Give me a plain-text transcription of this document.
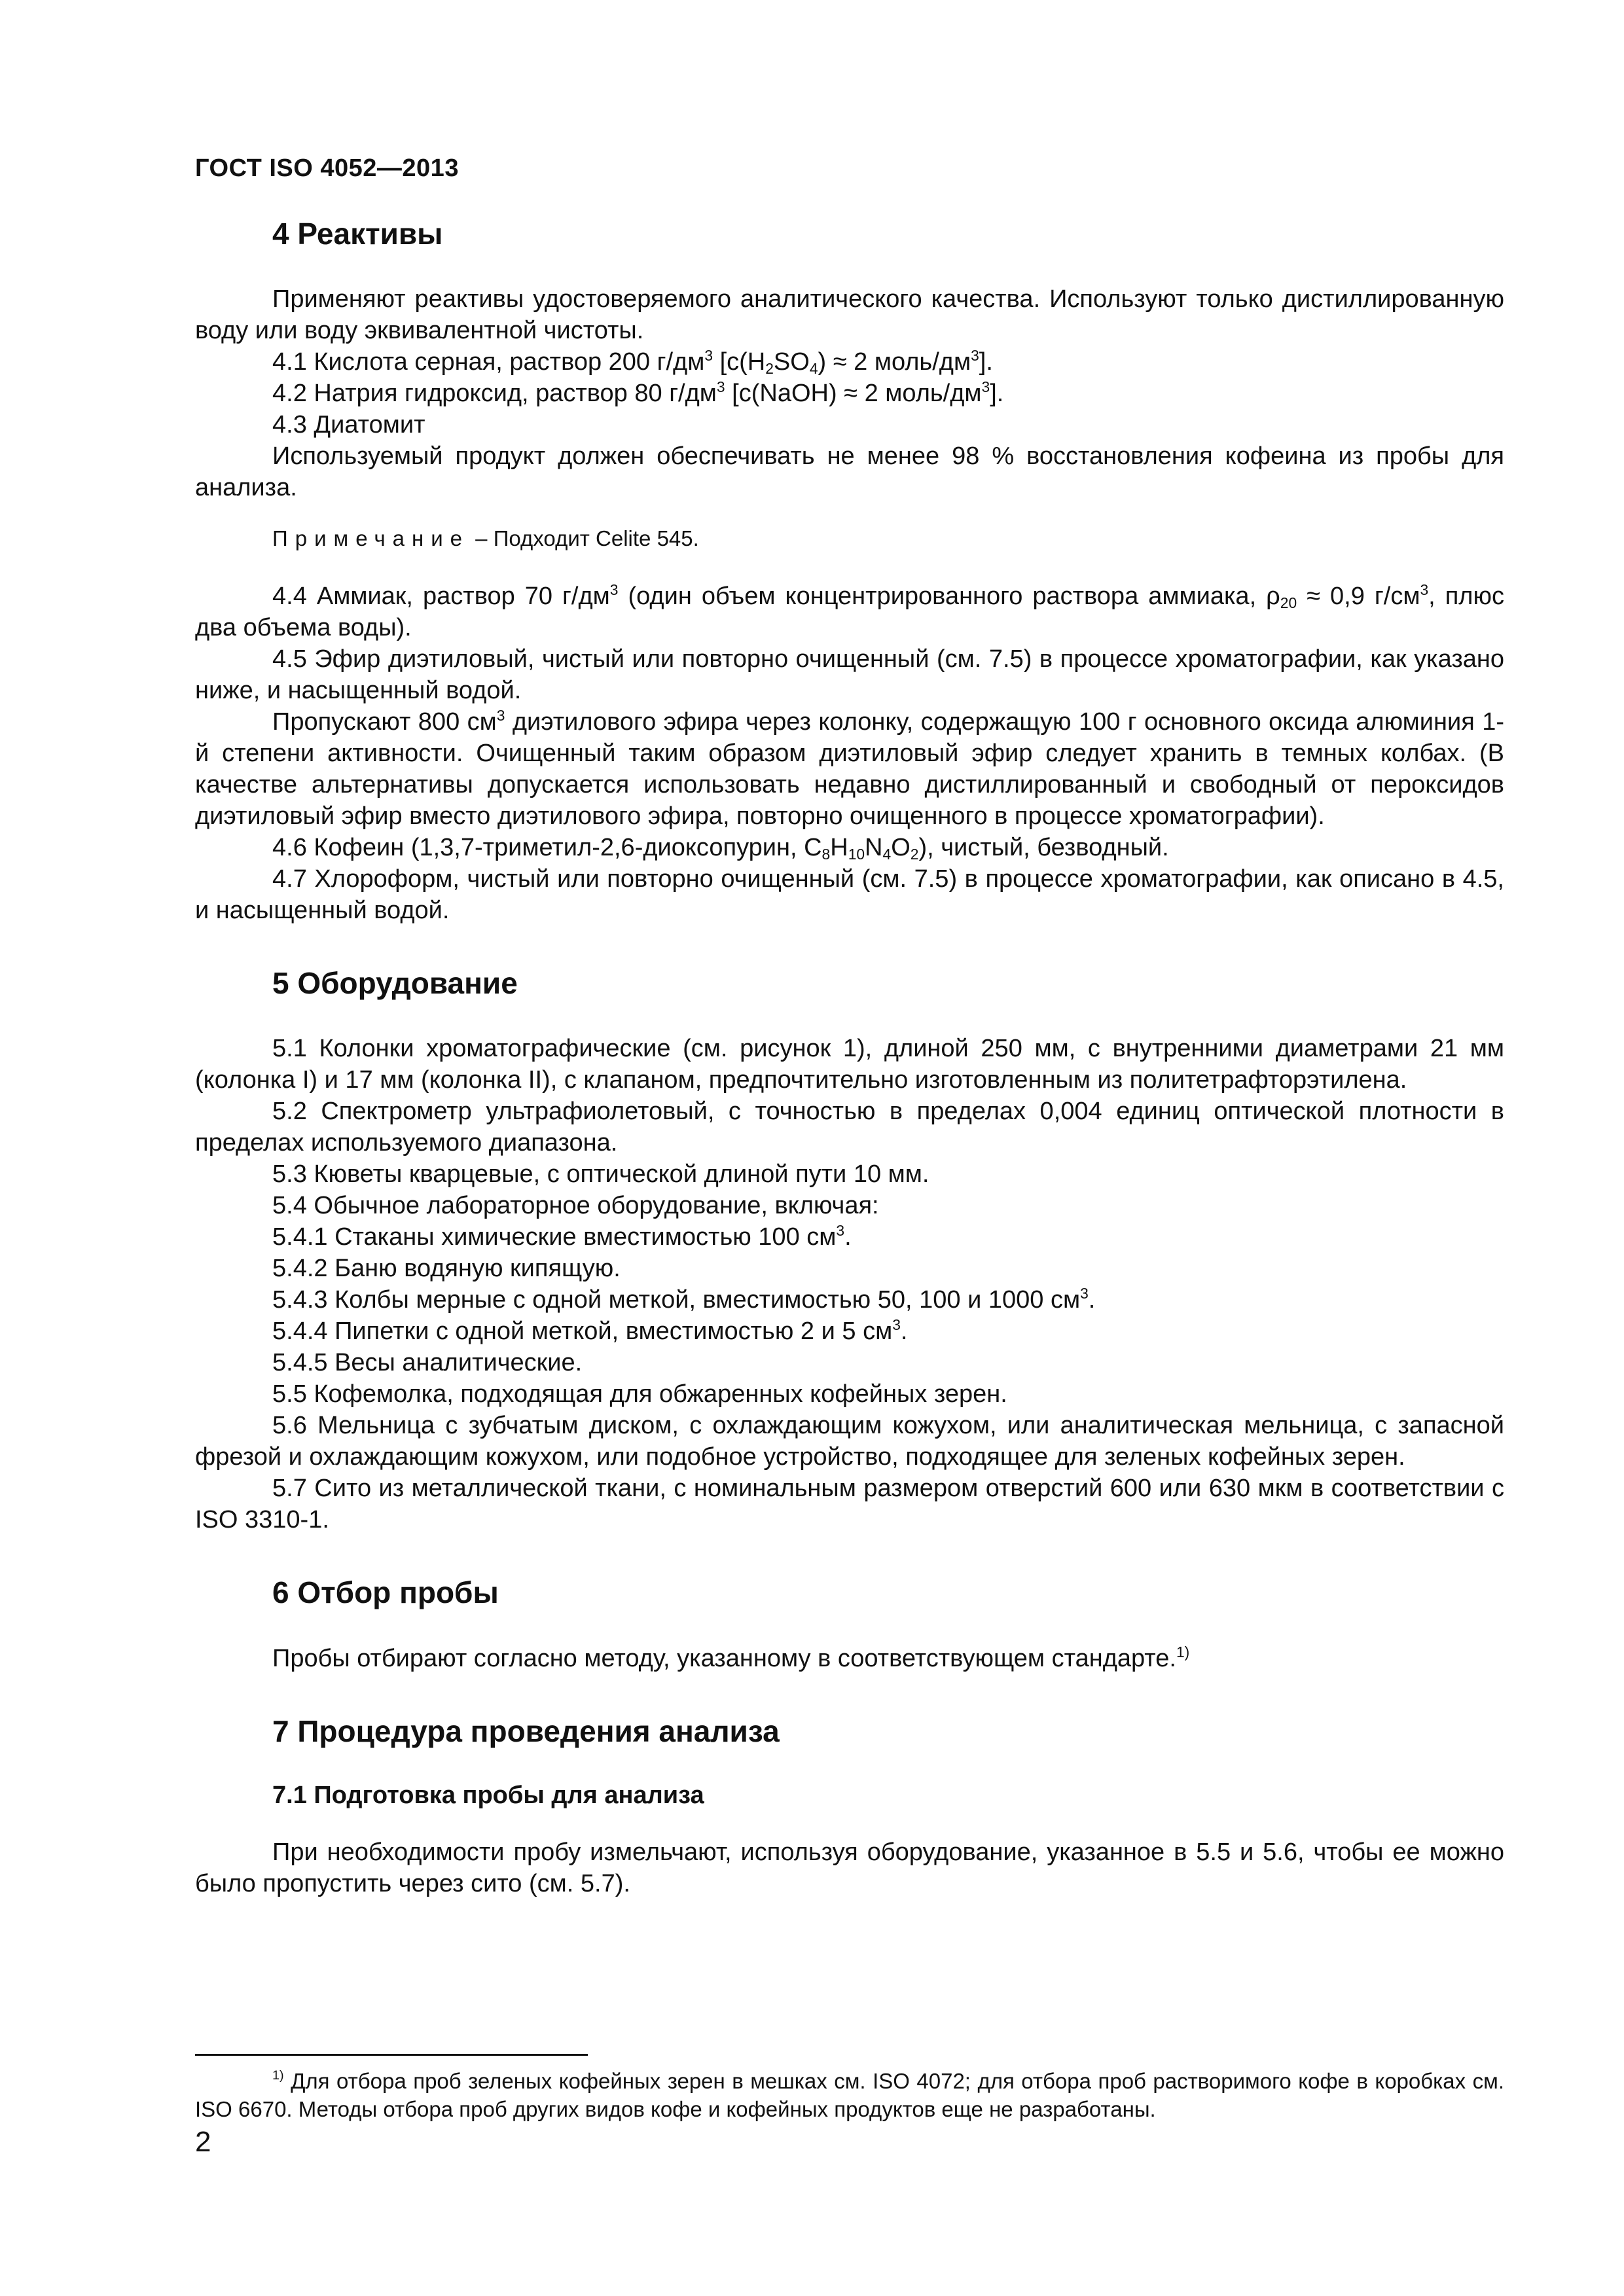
ГОСТ ISO 4052—2013
4 Реактивы

Применяют реактивы удостоверяемого аналитического качества. Используют только дистиллированную воду или воду эквивалентной чистоты.

4.1 Кислота серная, раствор 200 $г/дм^3$ [$c(H_2SO_4) \approx 2$ моль/$дм^3$].

4.2 Натрия гидроксид, раствор 80 $г/дм^3$ [c(NaOH) ≈ 2 моль/$дм^3$].

4.3 Диатомит

Используемый продукт должен обеспечивать не менее 98 % восстановления кофеина из пробы для анализа.

Примечание – Подходит Celite 545.

4.4 Аммиак, раствор 70 $г/дм^3$ (один объем концентрированного раствора аммиака, $\rho_{20} \approx 0,9$ $г/см^3$, плюс два объема воды).

4.5 Эфир диэтиловый, чистый или повторно очищенный (см. 7.5) в процессе хроматографии, как указано ниже, и насыщенный водой.

Пропускают 800 $см^3$ диэтилового эфира через колонку, содержащую 100 г основного оксида алюминия 1-й степени активности. Очищенный таким образом диэтиловый эфир следует хранить в темных колбах. (В качестве альтернативы допускается использовать недавно дистиллированный и свободный от пероксидов диэтиловый эфир вместо диэтилового эфира, повторно очищенного в процессе хроматографии).

4.6 Кофеин (1,3,7-триметил-2,6-диоксопурин, $C_8H_{10}N_4O_2$), чистый, безводный.

4.7 Хлороформ, чистый или повторно очищенный (см. 7.5) в процессе хроматографии, как описано в 4.5, и насыщенный водой.

5 Оборудование

5.1 Колонки хроматографические (см. рисунок 1), длиной 250 мм, с внутренними диаметрами 21 мм (колонка I) и 17 мм (колонка II), с клапаном, предпочтительно изготовленным из политетрафторэтилена.

5.2 Спектрометр ультрафиолетовый, с точностью в пределах 0,004 единиц оптической плотности в пределах используемого диапазона.

5.3 Кюветы кварцевые, с оптической длиной пути 10 мм.

5.4 Обычное лабораторное оборудование, включая:

5.4.1 Стаканы химические вместимостью 100 $см^3$.

5.4.2 Баню водяную кипящую.

5.4.3 Колбы мерные с одной меткой, вместимостью 50, 100 и 1000 $см^3$.

5.4.4 Пипетки с одной меткой, вместимостью 2 и 5 $см^3$.

5.4.5 Весы аналитические.

5.5 Кофемолка, подходящая для обжаренных кофейных зерен.

5.6 Мельница с зубчатым диском, с охлаждающим кожухом, или аналитическая мельница, с запасной фрезой и охлаждающим кожухом, или подобное устройство, подходящее для зеленых кофейных зерен.

5.7 Сито из металлической ткани, с номинальным размером отверстий 600 или 630 мкм в соответствии с ISO 3310-1.

6 Отбор пробы

Пробы отбирают согласно методу, указанному в соответствующем стандарте.$^{1)}$

7 Процедура проведения анализа
7.1 Подготовка пробы для анализа

При необходимости пробу измельчают, используя оборудование, указанное в 5.5 и 5.6, чтобы ее можно было пропустить через сито (см. 5.7).

$^{1)}$ Для отбора проб зеленых кофейных зерен в мешках см. ISO 4072; для отбора проб растворимого кофе в коробках см. ISO 6670. Методы отбора проб других видов кофе и кофейных продуктов еще не разработаны.
2
